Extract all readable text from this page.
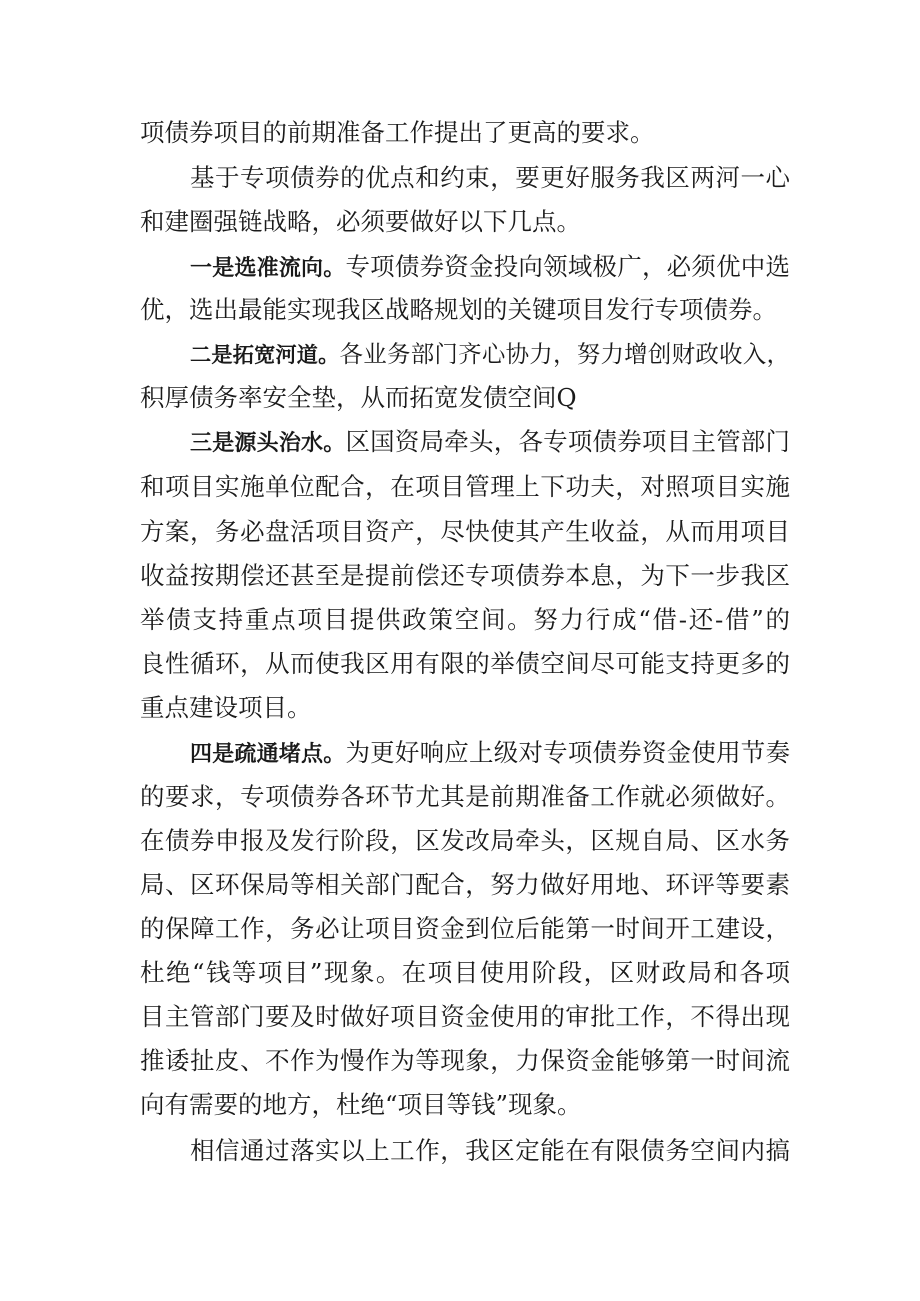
项债券项目的前期准备工作提出了更高的要求。
基于专项债券的优点和约束，要更好服务我区两河一心
和建圈强链战略，必须要做好以下几点。
一是选准流向。专项债券资金投向领域极广，必须优中选
优，选出最能实现我区战略规划的关键项目发行专项债券。
二是拓宽河道。各业务部门齐心协力，努力增创财政收入，
积厚债务率安全垫，从而拓宽发债空间Q
三是源头治水。区国资局牵头，各专项债券项目主管部门
和项目实施单位配合，在项目管理上下功夫，对照项目实施
方案，务必盘活项目资产，尽快使其产生收益，从而用项目
收益按期偿还甚至是提前偿还专项债券本息，为下一步我区
举债支持重点项目提供政策空间。努力行成“借-还-借”的
良性循环，从而使我区用有限的举债空间尽可能支持更多的
重点建设项目。
四是疏通堵点。为更好响应上级对专项债券资金使用节奏
的要求，专项债券各环节尤其是前期准备工作就必须做好。
在债券申报及发行阶段，区发改局牵头，区规自局、区水务
局、区环保局等相关部门配合，努力做好用地、环评等要素
的保障工作，务必让项目资金到位后能第一时间开工建设，
杜绝“钱等项目”现象。在项目使用阶段，区财政局和各项
目主管部门要及时做好项目资金使用的审批工作，不得出现
推诿扯皮、不作为慢作为等现象，力保资金能够第一时间流
向有需要的地方，杜绝“项目等钱”现象。
相信通过落实以上工作，我区定能在有限债务空间内搞
